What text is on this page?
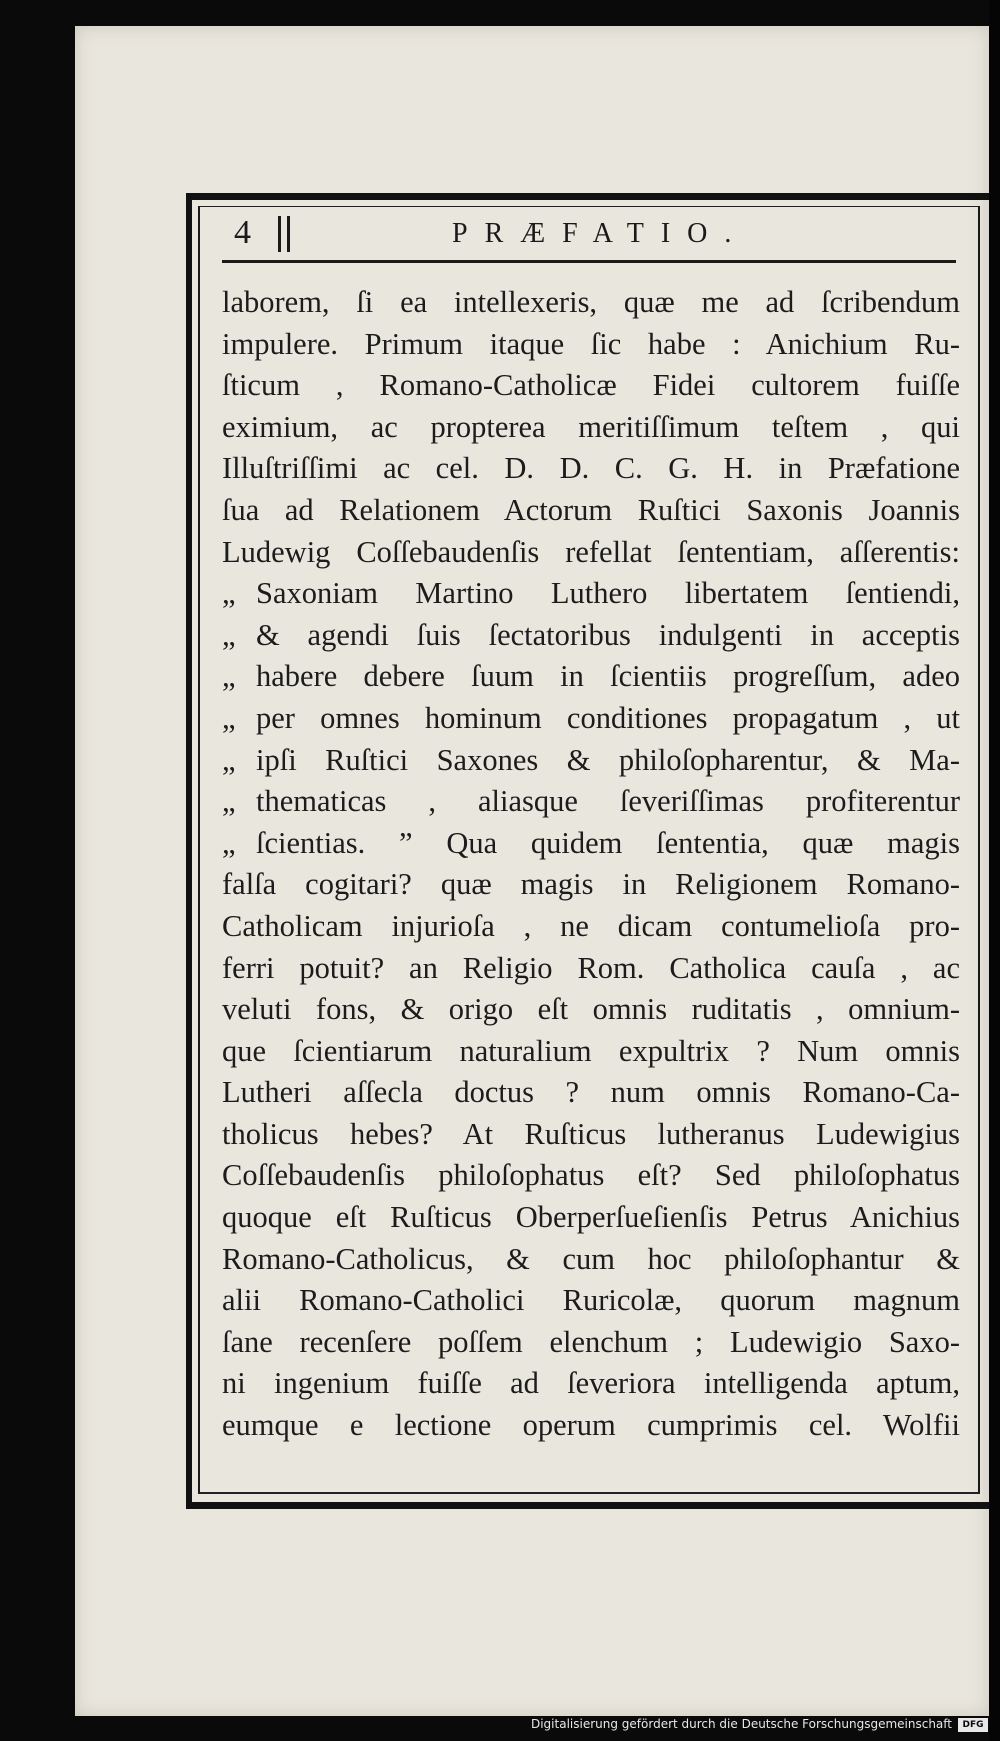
4	PRÆFATIO.
laborem, ſi ea intellexeris, quæ me ad ſcribendum
impulere. Primum itaque ſic habe : Anichium Ru-
ſticum , Romano-Catholicæ Fidei cultorem fuiſſe
eximium, ac propterea meritiſſimum teſtem , qui
Illuſtriſſimi ac cel. D. D. C. G. H. in Præfatione
ſua ad Relationem Actorum Ruſtici Saxonis Joannis
Ludewig Coſſebaudenſis refellat ſententiam, aſſerentis:
„ Saxoniam Martino Luthero libertatem ſentiendi,
„ & agendi ſuis ſectatoribus indulgenti in acceptis
„ habere debere ſuum in ſcientiis progreſſum, adeo
„ per omnes hominum conditiones propagatum , ut
„ ipſi Ruſtici Saxones & philoſopharentur, & Ma-
„ thematicas , aliasque ſeveriſſimas profiterentur
„ ſcientias. ” Qua quidem ſententia, quæ magis
falſa cogitari? quæ magis in Religionem Romano-
Catholicam injurioſa , ne dicam contumelioſa pro-
ferri potuit? an Religio Rom. Catholica cauſa , ac
veluti fons, & origo eſt omnis ruditatis , omnium-
que ſcientiarum naturalium expultrix ? Num omnis
Lutheri aſſecla doctus ? num omnis Romano-Ca-
tholicus hebes? At Ruſticus lutheranus Ludewigius
Coſſebaudenſis philoſophatus eſt? Sed philoſophatus
quoque eſt Ruſticus Oberperſueſienſis Petrus Anichius
Romano-Catholicus, & cum hoc philoſophantur &
alii Romano-Catholici Ruricolæ, quorum magnum
ſane recenſere poſſem elenchum ; Ludewigio Saxo-
ni ingenium fuiſſe ad ſeveriora intelligenda aptum,
eumque e lectione operum cumprimis cel. Wolfii
Digitalisierung gefördert durch die Deutsche Forschungsgemeinschaft	DFG
